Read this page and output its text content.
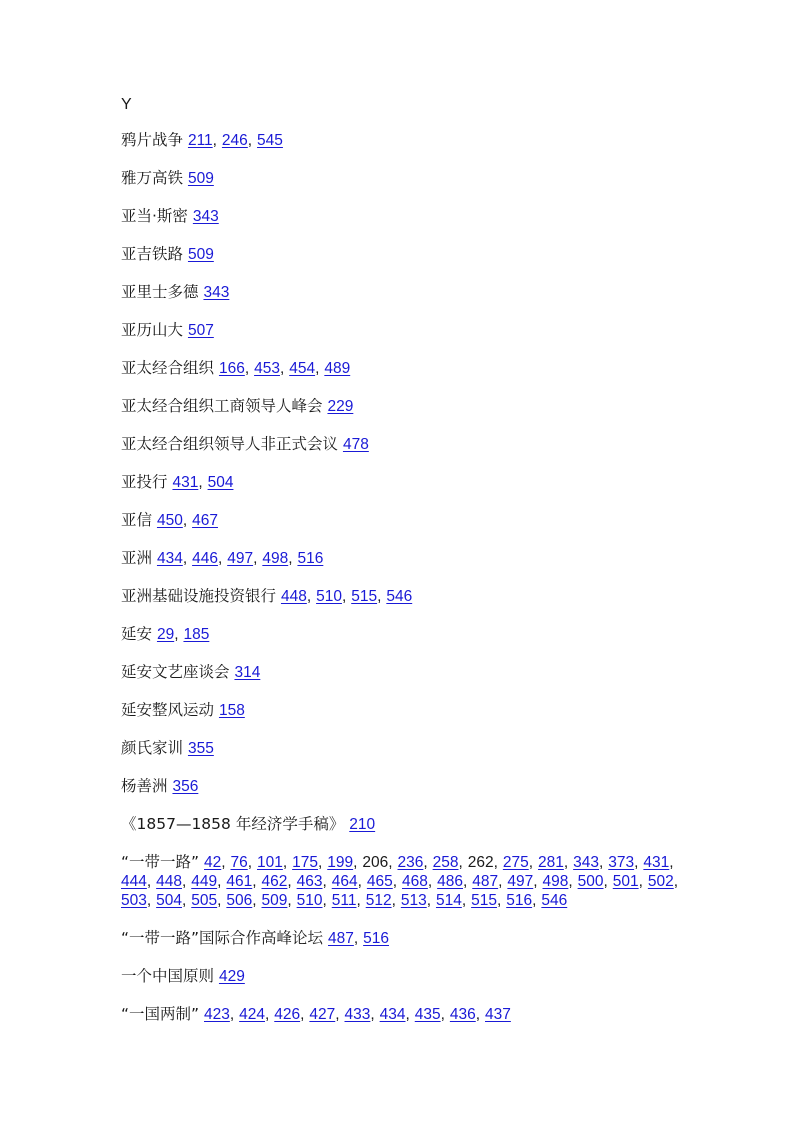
Y
鸦片战争 211, 246, 545
雅万高铁 509
亚当·斯密 343
亚吉铁路 509
亚里士多德 343
亚历山大 507
亚太经合组织 166, 453, 454, 489
亚太经合组织工商领导人峰会 229
亚太经合组织领导人非正式会议 478
亚投行 431, 504
亚信 450, 467
亚洲 434, 446, 497, 498, 516
亚洲基础设施投资银行 448, 510, 515, 546
延安 29, 185
延安文艺座谈会 314
延安整风运动 158
颜氏家训 355
杨善洲 356
《1857—1858 年经济学手稿》 210
“一带一路” 42, 76, 101, 175, 199, 206, 236, 258, 262, 275, 281, 343, 373, 431, 444, 448, 449, 461, 462, 463, 464, 465, 468, 486, 487, 497, 498, 500, 501, 502, 503, 504, 505, 506, 509, 510, 511, 512, 513, 514, 515, 516, 546
“一带一路”国际合作高峰论坛 487, 516
一个中国原则 429
“一国两制” 423, 424, 426, 427, 433, 434, 435, 436, 437
